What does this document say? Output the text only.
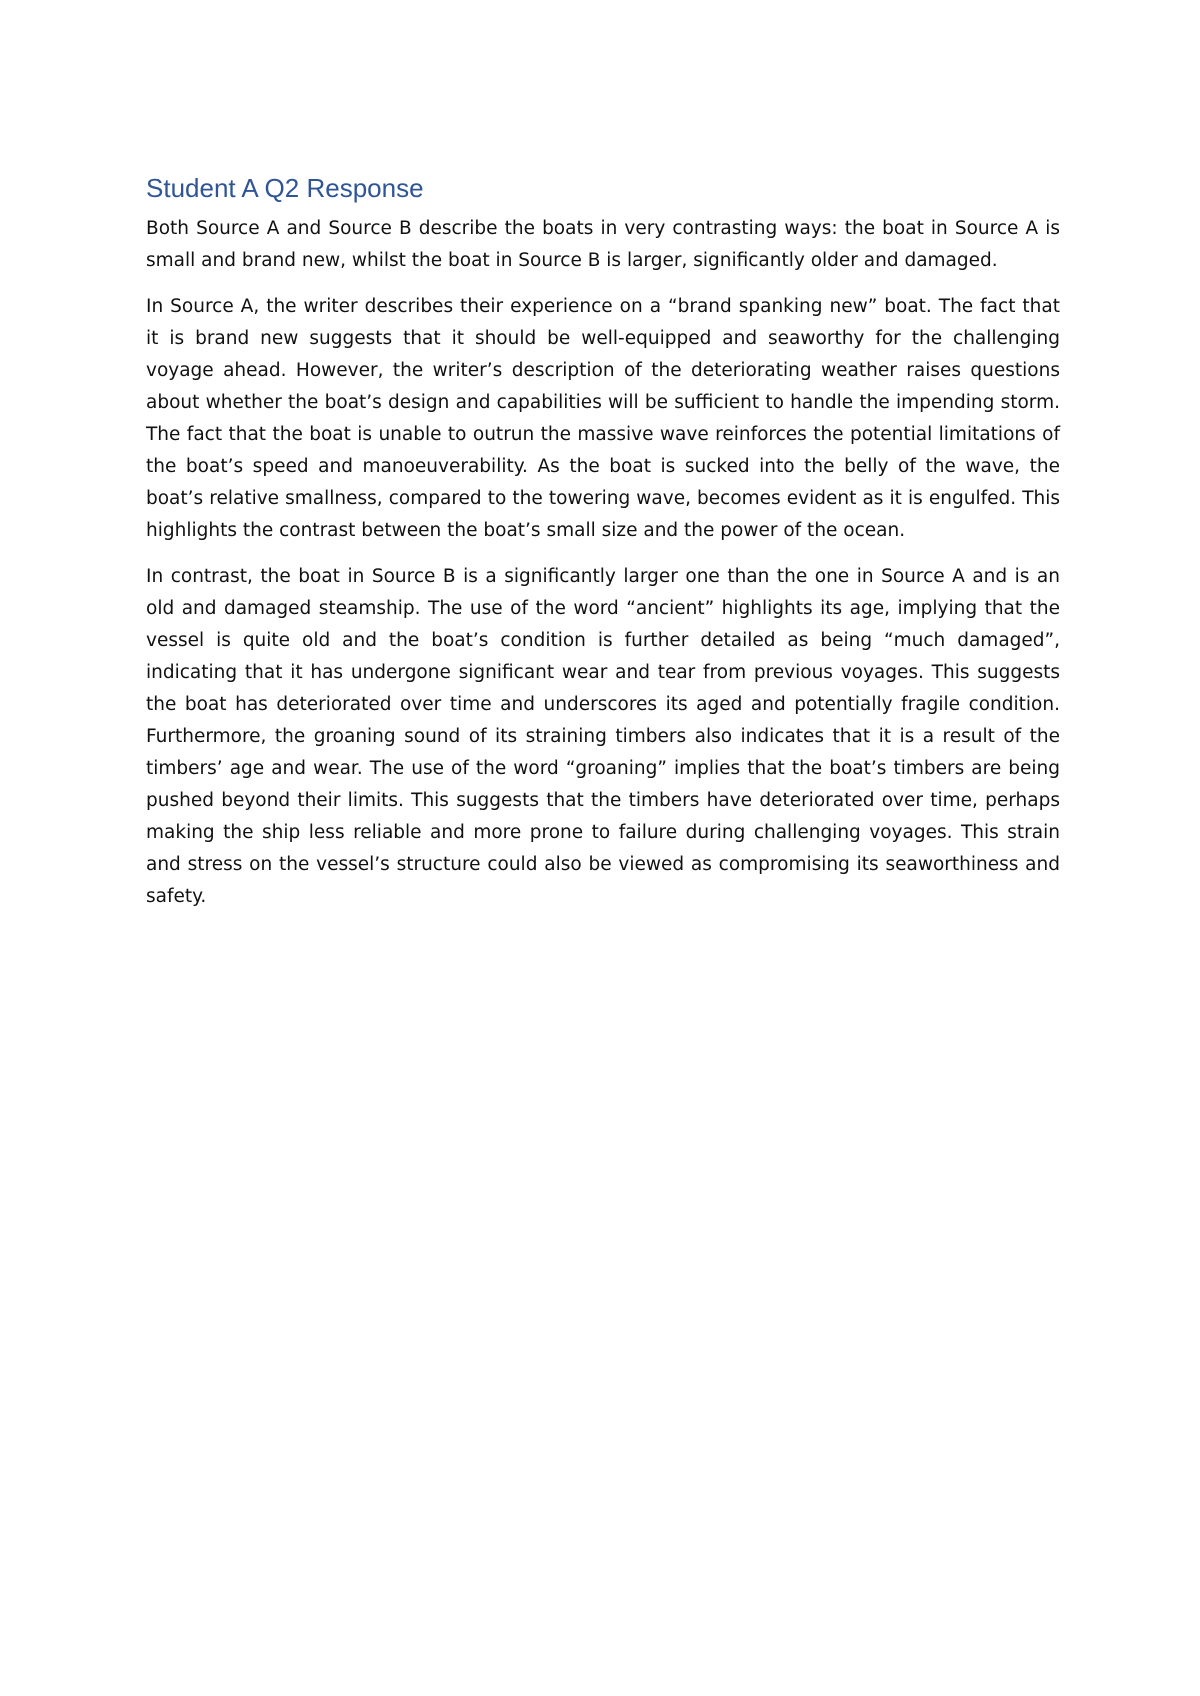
Student A Q2 Response

Both Source A and Source B describe the boats in very contrasting ways: the boat in Source A is small and brand new, whilst the boat in Source B is larger, significantly older and damaged.

In Source A, the writer describes their experience on a “brand spanking new” boat. The fact that it is brand new suggests that it should be well-equipped and seaworthy for the challenging voyage ahead. However, the writer’s description of the deteriorating weather raises questions about whether the boat’s design and capabilities will be sufficient to handle the impending storm. The fact that the boat is unable to outrun the massive wave reinforces the potential limitations of the boat’s speed and manoeuverability. As the boat is sucked into the belly of the wave, the boat’s relative smallness, compared to the towering wave, becomes evident as it is engulfed. This highlights the contrast between the boat’s small size and the power of the ocean.

In contrast, the boat in Source B is a significantly larger one than the one in Source A and is an old and damaged steamship. The use of the word “ancient” highlights its age, implying that the vessel is quite old and the boat’s condition is further detailed as being “much damaged”, indicating that it has undergone significant wear and tear from previous voyages. This suggests the boat has deteriorated over time and underscores its aged and potentially fragile condition. Furthermore, the groaning sound of its straining timbers also indicates that it is a result of the timbers’ age and wear. The use of the word “groaning” implies that the boat’s timbers are being pushed beyond their limits. This suggests that the timbers have deteriorated over time, perhaps making the ship less reliable and more prone to failure during challenging voyages. This strain and stress on the vessel’s structure could also be viewed as compromising its seaworthiness and safety.
